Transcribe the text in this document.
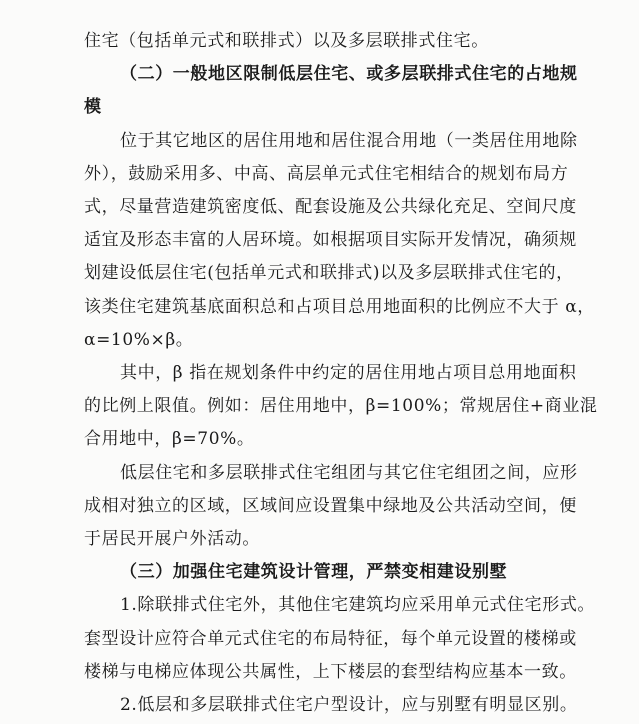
住宅（包括单元式和联排式）以及多层联排式住宅。
（二）一般地区限制低层住宅、或多层联排式住宅的占地规
模
位于其它地区的居住用地和居住混合用地（一类居住用地除
外），鼓励采用多、中高、高层单元式住宅相结合的规划布局方
式，尽量营造建筑密度低、配套设施及公共绿化充足、空间尺度
适宜及形态丰富的人居环境。如根据项目实际开发情况，确须规
划建设低层住宅(包括单元式和联排式)以及多层联排式住宅的，
该类住宅建筑基底面积总和占项目总用地面积的比例应不大于 α，
α=10%×β。
其中，β 指在规划条件中约定的居住用地占项目总用地面积
的比例上限值。例如：居住用地中，β=100%；常规居住+商业混
合用地中，β=70%。
低层住宅和多层联排式住宅组团与其它住宅组团之间，应形
成相对独立的区域，区域间应设置集中绿地及公共活动空间，便
于居民开展户外活动。
（三）加强住宅建筑设计管理，严禁变相建设别墅
1.除联排式住宅外，其他住宅建筑均应采用单元式住宅形式。
套型设计应符合单元式住宅的布局特征，每个单元设置的楼梯或
楼梯与电梯应体现公共属性，上下楼层的套型结构应基本一致。
2.低层和多层联排式住宅户型设计，应与别墅有明显区别。
